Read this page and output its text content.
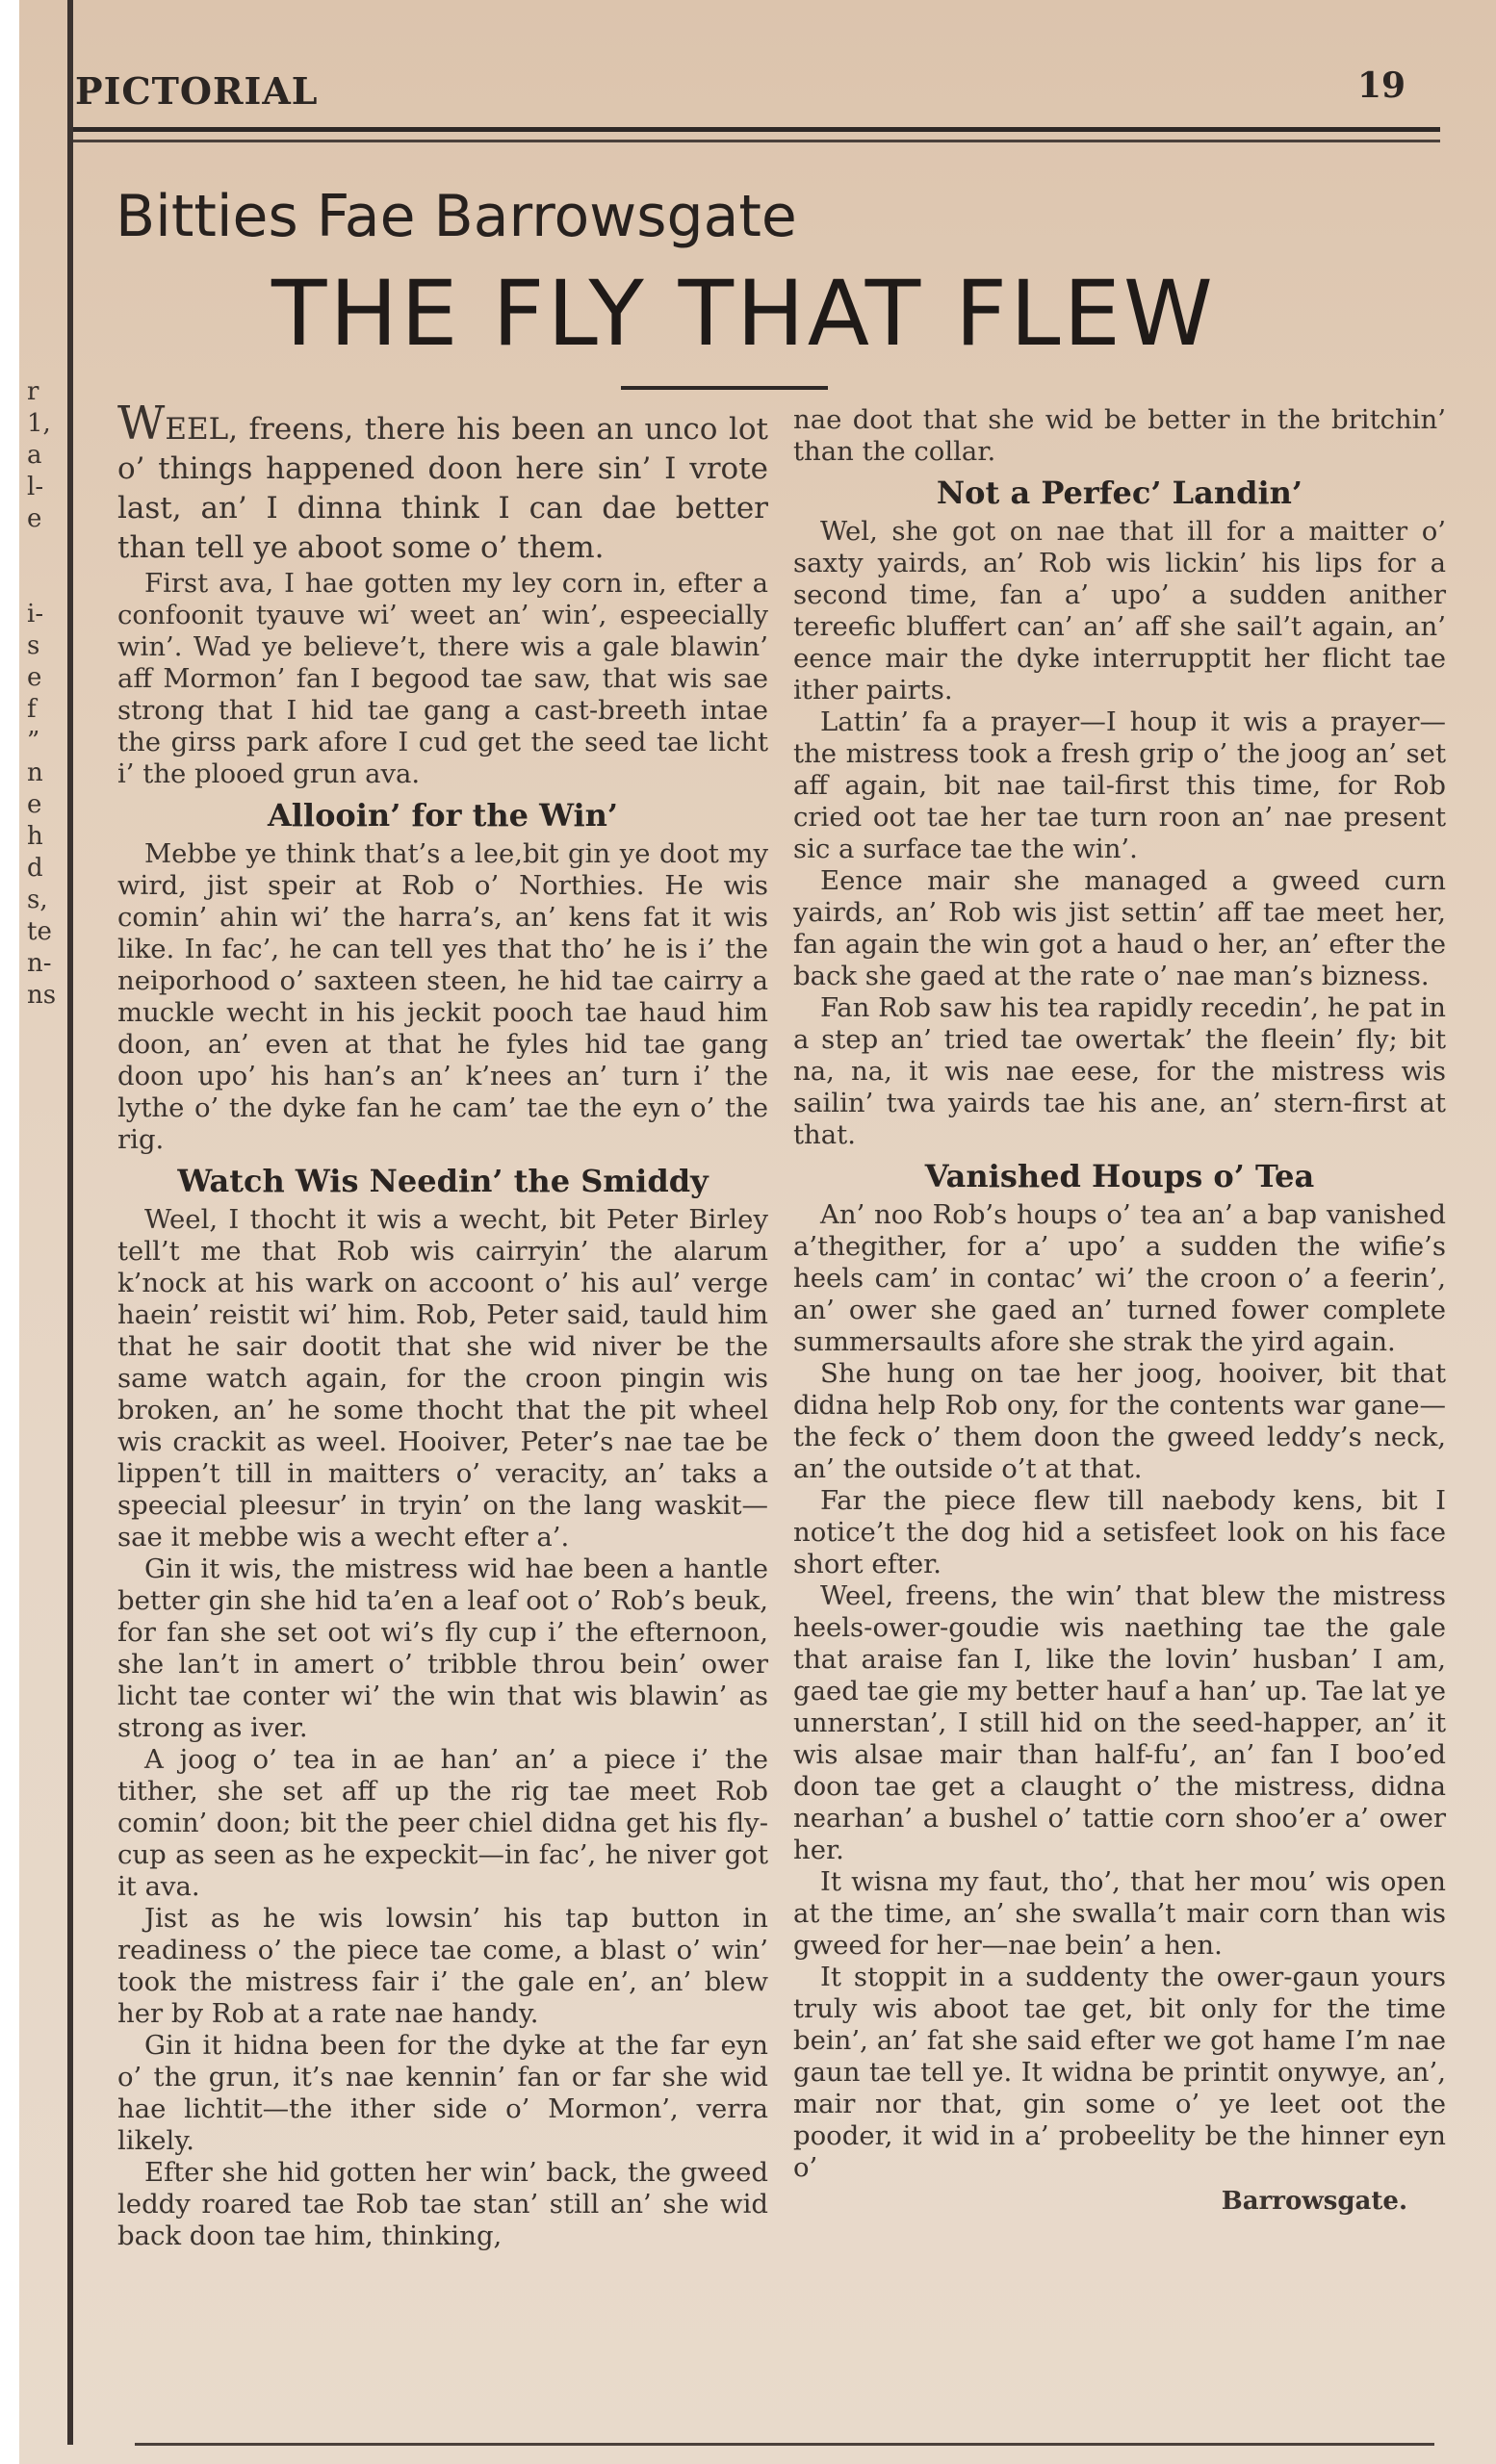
r
1,
a
l-
e
i-
s
e
f
”
n
e
h
d
s,
te
n-
ns
PICTORIAL	19
Bitties Fae Barrowsgate
THE FLY THAT FLEW

WEEL, freens, there his been an unco lot o’ things happened doon here sin’ I vrote last, an’ I dinna think I can dae better than tell ye aboot some o’ them.

First ava, I hae gotten my ley corn in, efter a confoonit tyauve wi’ weet an’ win’, espeecially win’. Wad ye believe’t, there wis a gale blawin’ aff Mormon’ fan I begood tae saw, that wis sae strong that I hid tae gang a cast-breeth intae the girss park afore I cud get the seed tae licht i’ the plooed grun ava.

Allooin’ for the Win’

Mebbe ye think that’s a lee,bit gin ye doot my wird, jist speir at Rob o’ Northies. He wis comin’ ahin wi’ the harra’s, an’ kens fat it wis like. In fac’, he can tell yes that tho’ he is i’ the neiporhood o’ saxteen steen, he hid tae cairry a muckle wecht in his jeckit pooch tae haud him doon, an’ even at that he fyles hid tae gang doon upo’ his han’s an’ k’nees an’ turn i’ the lythe o’ the dyke fan he cam’ tae the eyn o’ the rig.

Watch Wis Needin’ the Smiddy

Weel, I thocht it wis a wecht, bit Peter Birley tell’t me that Rob wis cairryin’ the alarum k’nock at his wark on accoont o’ his aul’ verge haein’ reistit wi’ him. Rob, Peter said, tauld him that he sair dootit that she wid niver be the same watch again, for the croon pingin wis broken, an’ he some thocht that the pit wheel wis crackit as weel. Hooiver, Peter’s nae tae be lippen’t till in maitters o’ veracity, an’ taks a speecial pleesur’ in tryin’ on the lang waskit—sae it mebbe wis a wecht efter a’.

Gin it wis, the mistress wid hae been a hantle better gin she hid ta’en a leaf oot o’ Rob’s beuk, for fan she set oot wi’s fly cup i’ the efternoon, she lan’t in amert o’ tribble throu bein’ ower licht tae conter wi’ the win that wis blawin’ as strong as iver.

A joog o’ tea in ae han’ an’ a piece i’ the tither, she set aff up the rig tae meet Rob comin’ doon; bit the peer chiel didna get his fly-cup as seen as he expeckit—in fac’, he niver got it ava.

Jist as he wis lowsin’ his tap button in readiness o’ the piece tae come, a blast o’ win’ took the mistress fair i’ the gale en’, an’ blew her by Rob at a rate nae handy.

Gin it hidna been for the dyke at the far eyn o’ the grun, it’s nae kennin’ fan or far she wid hae lichtit—the ither side o’ Mormon’, verra likely.

Efter she hid gotten her win’ back, the gweed leddy roared tae Rob tae stan’ still an’ she wid back doon tae him, thinking,

nae doot that she wid be better in the britchin’ than the collar.

Not a Perfec’ Landin’

Wel, she got on nae that ill for a maitter o’ saxty yairds, an’ Rob wis lickin’ his lips for a second time, fan a’ upo’ a sudden anither tereefic bluffert can’ an’ aff she sail’t again, an’ eence mair the dyke interrupptit her flicht tae ither pairts.

Lattin’ fa a prayer—I houp it wis a prayer—the mistress took a fresh grip o’ the joog an’ set aff again, bit nae tail-first this time, for Rob cried oot tae her tae turn roon an’ nae present sic a surface tae the win’.

Eence mair she managed a gweed curn yairds, an’ Rob wis jist settin’ aff tae meet her, fan again the win got a haud o her, an’ efter the back she gaed at the rate o’ nae man’s bizness.

Fan Rob saw his tea rapidly recedin’, he pat in a step an’ tried tae owertak’ the fleein’ fly; bit na, na, it wis nae eese, for the mistress wis sailin’ twa yairds tae his ane, an’ stern-first at that.

Vanished Houps o’ Tea

An’ noo Rob’s houps o’ tea an’ a bap vanished a’thegither, for a’ upo’ a sudden the wifie’s heels cam’ in contac’ wi’ the croon o’ a feerin’, an’ ower she gaed an’ turned fower complete summersaults afore she strak the yird again.

She hung on tae her joog, hooiver, bit that didna help Rob ony, for the contents war gane—the feck o’ them doon the gweed leddy’s neck, an’ the outside o’t at that.

Far the piece flew till naebody kens, bit I notice’t the dog hid a setisfeet look on his face short efter.

Weel, freens, the win’ that blew the mistress heels-ower-goudie wis naething tae the gale that araise fan I, like the lovin’ husban’ I am, gaed tae gie my better hauf a han’ up. Tae lat ye unnerstan’, I still hid on the seed-happer, an’ it wis alsae mair than half-fu’, an’ fan I boo’ed doon tae get a claught o’ the mistress, didna nearhan’ a bushel o’ tattie corn shoo’er a’ ower her.

It wisna my faut, tho’, that her mou’ wis open at the time, an’ she swalla’t mair corn than wis gweed for her—nae bein’ a hen.

It stoppit in a suddenty the ower-gaun yours truly wis aboot tae get, bit only for the time bein’, an’ fat she said efter we got hame I’m nae gaun tae tell ye. It widna be printit onywye, an’, mair nor that, gin some o’ ye leet oot the pooder, it wid in a’ probeelity be the hinner eyn o’

Barrowsgate.
